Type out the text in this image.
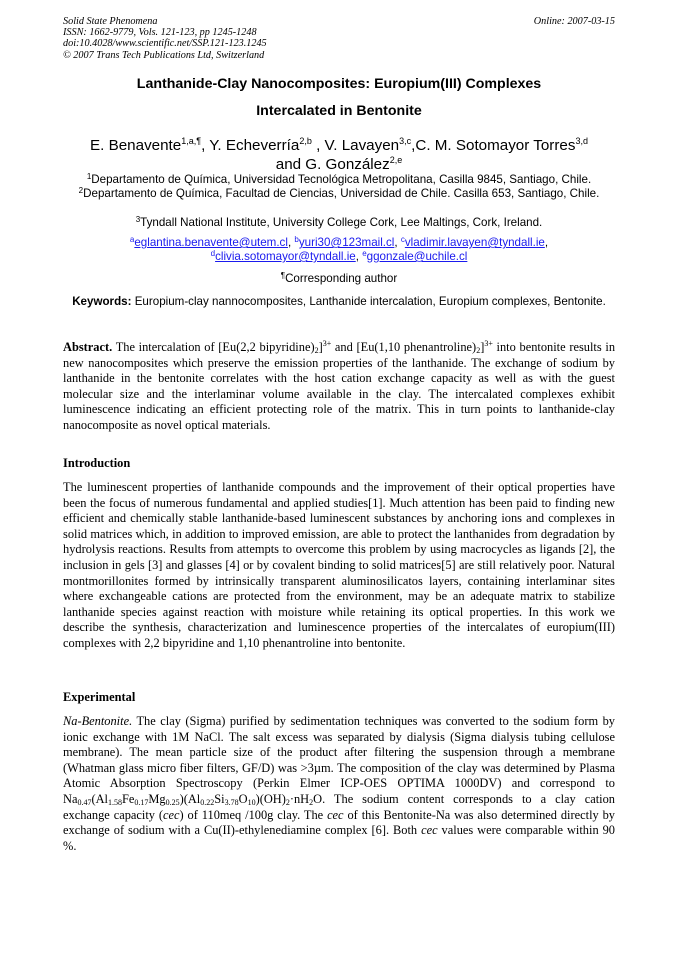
Solid State Phenomena
ISSN: 1662-9779, Vols. 121-123, pp 1245-1248
doi:10.4028/www.scientific.net/SSP.121-123.1245
© 2007 Trans Tech Publications Ltd, Switzerland
Online: 2007-03-15
Lanthanide-Clay Nanocomposites: Europium(III) Complexes
Intercalated in Bentonite
E. Benavente$^{1,a,\P}$, Y. Echeverría$^{2,b}$ , V. Lavayen$^{3,c}$,C. M. Sotomayor Torres$^{3,d}$
and G. González$^{2,e}$
$^1$Departamento de Química, Universidad Tecnológica Metropolitana, Casilla 9845, Santiago, Chile.
$^2$Departamento de Química, Facultad de Ciencias, Universidad de Chile. Casilla 653, Santiago, Chile.
$^3$Tyndall National Institute, University College Cork, Lee Maltings, Cork, Ireland.
$^a$eglantina.benavente@utem.cl, $^b$yuri30@123mail.cl, $^c$vladimir.lavayen@tyndall.ie,
$^d$clivia.sotomayor@tyndall.ie, $^e$ggonzale@uchile.cl
¶Corresponding author
Keywords: Europium-clay nannocomposites, Lanthanide intercalation, Europium complexes, Bentonite.
Abstract. The intercalation of [Eu(2,2 $bipyridine)_2]^{3+}$ and [Eu(1,10 $phenantroline)_2]^{3+}$ into bentonite results in new nanocomposites which preserve the emission properties of the lanthanide. The exchange of sodium by lanthanide in the bentonite correlates with the host cation exchange capacity as well as with the guest molecular size and the interlaminar volume available in the clay. The intercalated complexes exhibit luminescence indicating an efficient protecting role of the matrix. This in turn points to lanthanide-clay nanocomposite as novel optical materials.
Introduction
The luminescent properties of lanthanide compounds and the improvement of their optical properties have been the focus of numerous fundamental and applied studies[1]. Much attention has been paid to finding new efficient and chemically stable lanthanide-based luminescent substances by anchoring ions and complexes in solid matrices which, in addition to improved emission, are able to protect the lanthanides from degradation by hydrolysis reactions. Results from attempts to overcome this problem by using macrocycles as ligands [2], the inclusion in gels [3] and glasses [4] or by covalent binding to solid matrices[5] are still relatively poor. Natural montmorillonites formed by intrinsically transparent aluminosilicatos layers, containing interlaminar sites where exchangeable cations are protected from the environment, may be an adequate matrix to stabilize lanthanide species against reaction with moisture while retaining its optical properties. In this work we describe the synthesis, characterization and luminescence properties of the intercalates of europium(III) complexes with 2,2 bipyridine and 1,10 phenantroline into bentonite.
Experimental
Na-Bentonite. The clay (Sigma) purified by sedimentation techniques was converted to the sodium form by ionic exchange with 1M NaCl. The salt excess was separated by dialysis (Sigma dialysis tubing cellulose membrane). The mean particle size of the product after filtering the suspension through a membrane (Whatman glass micro fiber filters, GF/D) was >3µm. The composition of the clay was determined by Plasma Atomic Absorption Spectroscopy (Perkin Elmer ICP-OES OPTIMA 1000DV) and correspond to $Na_{0.47}(Al_{1.58}Fe_{0.17}Mg_{0.25})(Al_{0.22}Si_{3.78}O_{10})(OH)_2\cdot nH_2O$. The sodium content corresponds to a clay cation exchange capacity (cec) of 110meq /100g clay. The cec of this Bentonite-Na was also determined directly by exchange of sodium with a Cu(II)-ethylenediamine complex [6]. Both cec values were comparable within 90 %.
